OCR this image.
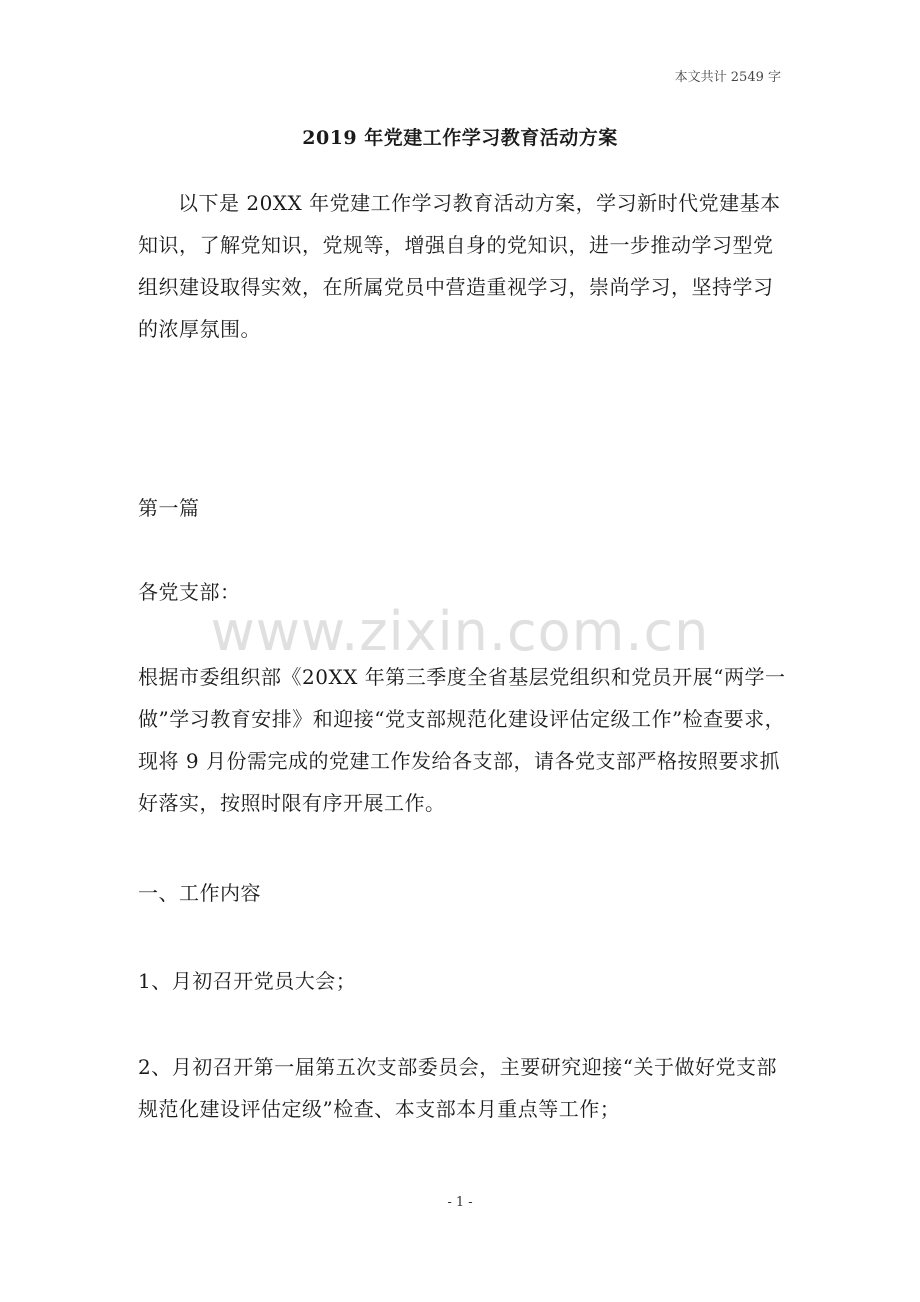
本文共计 2549 字
2019 年党建工作学习教育活动方案

以下是 20XX 年党建工作学习教育活动方案，学习新时代党建基本知识，了解党知识，党规等，增强自身的党知识，进一步推动学习型党组织建设取得实效，在所属党员中营造重视学习，崇尚学习，坚持学习的浓厚氛围。

第一篇

各党支部：

www.zixin.com.cn

根据市委组织部《20XX 年第三季度全省基层党组织和党员开展“两学一做”学习教育安排》和迎接“党支部规范化建设评估定级工作”检查要求，现将 9 月份需完成的党建工作发给各支部，请各党支部严格按照要求抓好落实，按照时限有序开展工作。

一、工作内容

1、月初召开党员大会；

2、月初召开第一届第五次支部委员会，主要研究迎接“关于做好党支部规范化建设评估定级”检查、本支部本月重点等工作；

- 1 -
